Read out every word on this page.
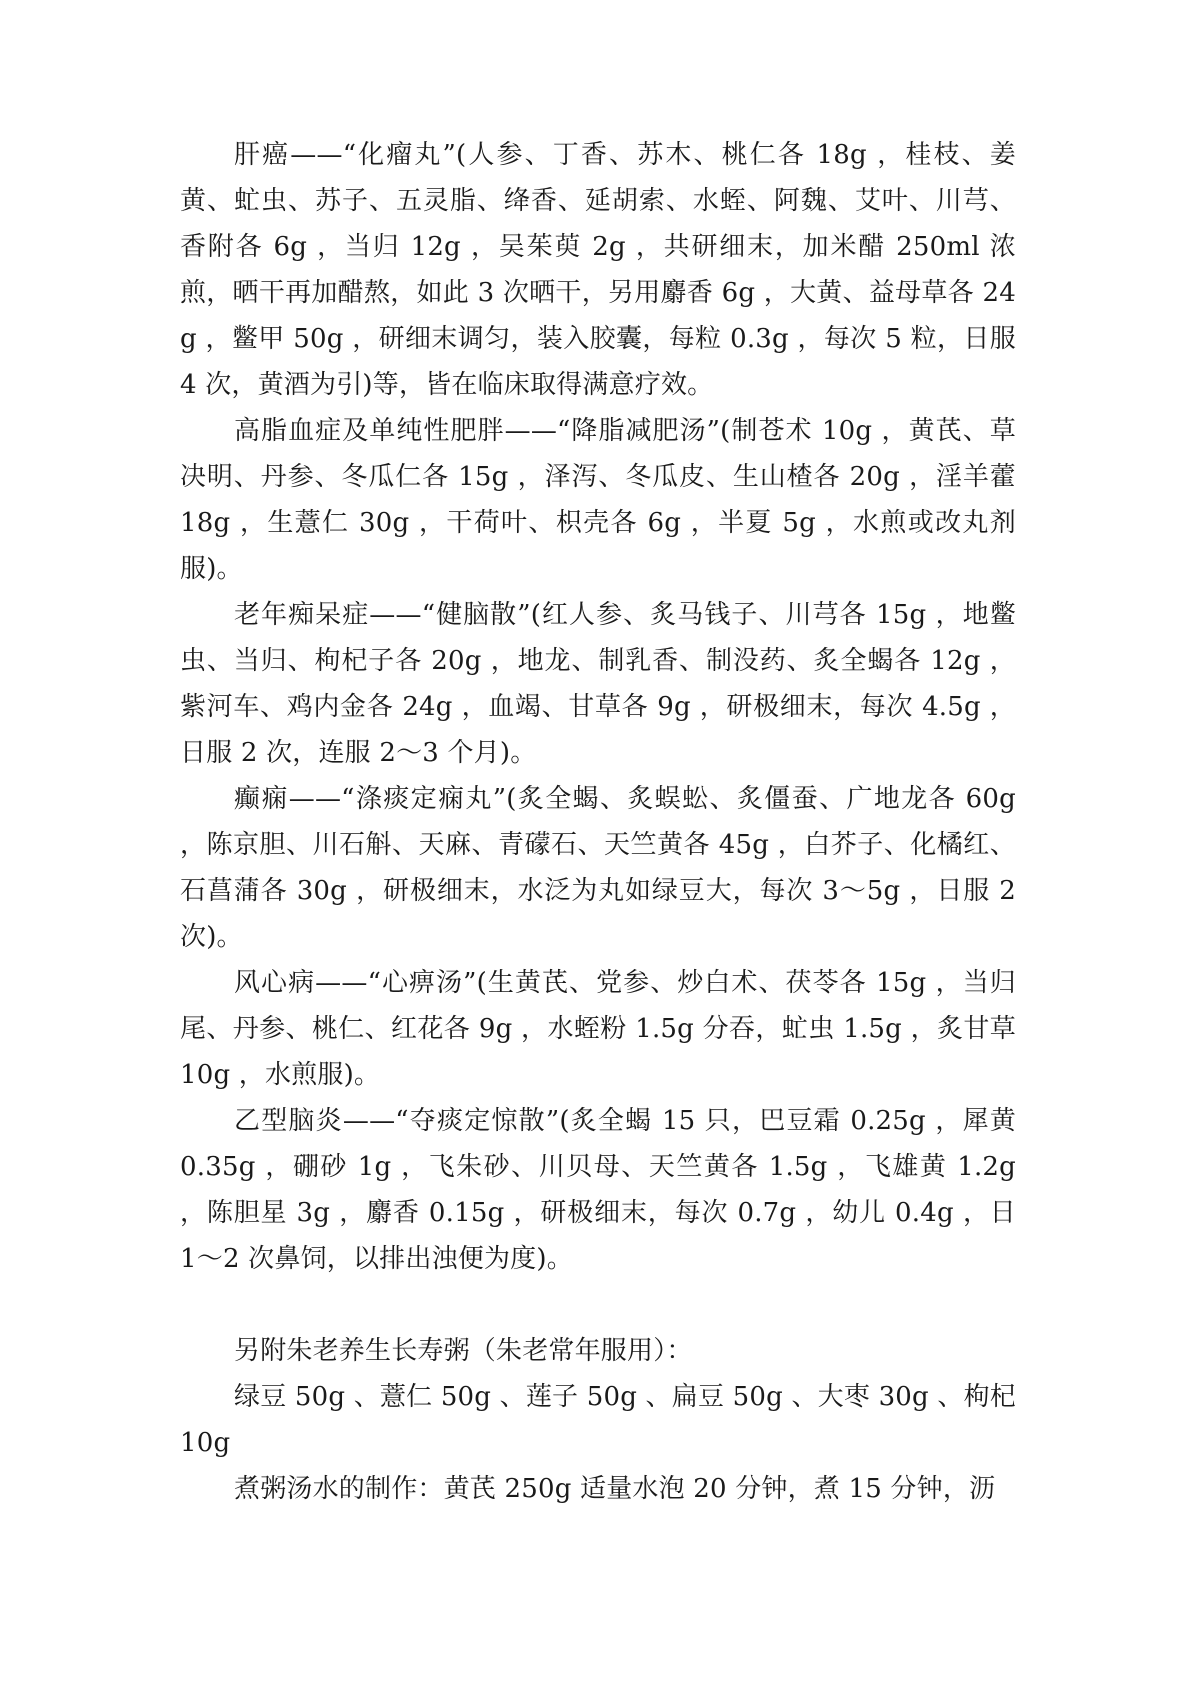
肝癌——“化瘤丸”(人参、丁香、苏木、桃仁各 18g ，桂枝、姜黄、虻虫、苏子、五灵脂、绛香、延胡索、水蛭、阿魏、艾叶、川芎、香附各 6g ，当归 12g ，吴茱萸 2g ，共研细末，加米醋 250ml 浓煎，晒干再加醋熬，如此 3 次晒干，另用麝香 6g ，大黄、益母草各 24g ，鳖甲 50g ，研细末调匀，装入胶囊，每粒 0.3g ，每次 5 粒，日服 4 次，黄酒为引)等，皆在临床取得满意疗效。

高脂血症及单纯性肥胖——“降脂减肥汤”(制苍术 10g ，黄芪、草决明、丹参、冬瓜仁各 15g ，泽泻、冬瓜皮、生山楂各 20g ，淫羊藿 18g ，生薏仁 30g ，干荷叶、枳壳各 6g ，半夏 5g ，水煎或改丸剂服)。

老年痴呆症——“健脑散”(红人参、炙马钱子、川芎各 15g ，地鳖虫、当归、枸杞子各 20g ，地龙、制乳香、制没药、炙全蝎各 12g ，紫河车、鸡内金各 24g ，血竭、甘草各 9g ，研极细末，每次 4.5g ，日服 2 次，连服 2～3 个月)。

癫痫——“涤痰定痫丸”(炙全蝎、炙蜈蚣、炙僵蚕、广地龙各 60g ，陈京胆、川石斛、天麻、青礞石、天竺黄各 45g ，白芥子、化橘红、石菖蒲各 30g ，研极细末，水泛为丸如绿豆大，每次 3～5g ，日服 2 次)。

风心病——“心痹汤”(生黄芪、党参、炒白术、茯苓各 15g ，当归尾、丹参、桃仁、红花各 9g ，水蛭粉 1.5g 分吞，虻虫 1.5g ，炙甘草 10g ，水煎服)。

乙型脑炎——“夺痰定惊散”(炙全蝎 15 只，巴豆霜 0.25g ，犀黄 0.35g ，硼砂 1g ，飞朱砂、川贝母、天竺黄各 1.5g ，飞雄黄 1.2g ，陈胆星 3g ，麝香 0.15g ，研极细末，每次 0.7g ，幼儿 0.4g ，日 1～2 次鼻饲，以排出浊便为度)。

另附朱老养生长寿粥（朱老常年服用）：

绿豆 50g 、薏仁 50g 、莲子 50g 、扁豆 50g 、大枣 30g 、枸杞 10g

煮粥汤水的制作：黄芪 250g 适量水泡 20 分钟，煮 15 分钟，沥
